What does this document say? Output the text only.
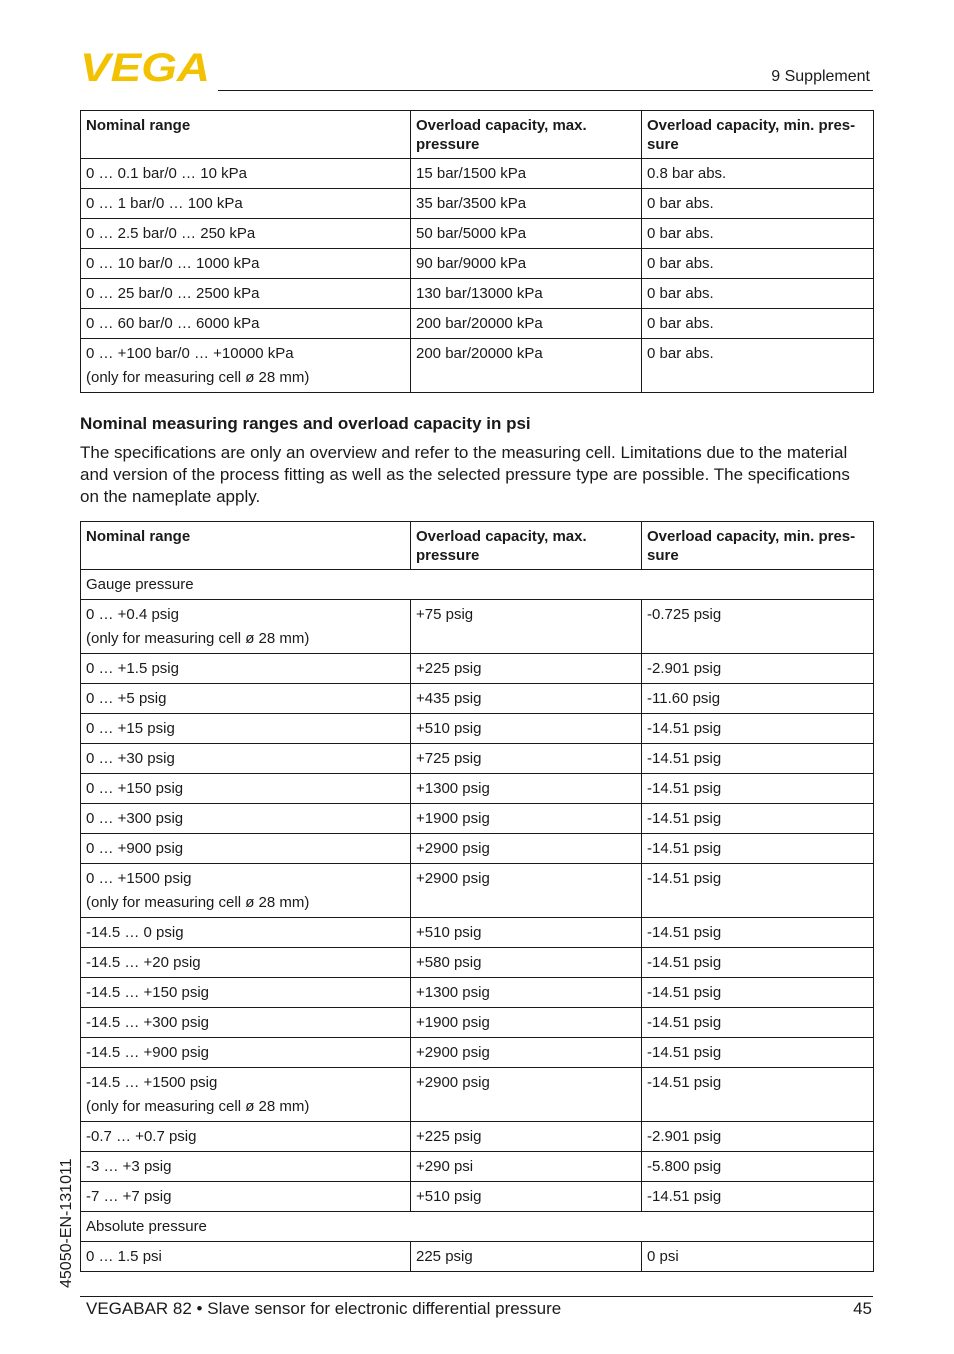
VEGA	9 Supplement
Nominal range	Overload capacity, max. pressure	Overload capacity, min. pres-sure
0 … 0.1 bar/0 … 10 kPa	15 bar/1500 kPa	0.8 bar abs.
0 … 1 bar/0 … 100 kPa	35 bar/3500 kPa	0 bar abs.
0 … 2.5 bar/0 … 250 kPa	50 bar/5000 kPa	0 bar abs.
0 … 10 bar/0 … 1000 kPa	90 bar/9000 kPa	0 bar abs.
0 … 25 bar/0 … 2500 kPa	130 bar/13000 kPa	0 bar abs.
0 … 60 bar/0 … 6000 kPa	200 bar/20000 kPa	0 bar abs.
0 … +100 bar/0 … +10000 kPa
(only for measuring cell ø 28 mm)	200 bar/20000 kPa	0 bar abs.
Nominal measuring ranges and overload capacity in psi
The specifications are only an overview and refer to the measuring cell. Limitations due to the material and version of the process fitting as well as the selected pressure type are possible. The specifications on the nameplate apply.
Nominal range	Overload capacity, max. pressure	Overload capacity, min. pres-sure
Gauge pressure		
0 … +0.4 psig
(only for measuring cell ø 28 mm)	+75 psig	-0.725 psig
0 … +1.5 psig	+225 psig	-2.901 psig
0 … +5 psig	+435 psig	-11.60 psig
0 … +15 psig	+510 psig	-14.51 psig
0 … +30 psig	+725 psig	-14.51 psig
0 … +150 psig	+1300 psig	-14.51 psig
0 … +300 psig	+1900 psig	-14.51 psig
0 … +900 psig	+2900 psig	-14.51 psig
0 … +1500 psig
(only for measuring cell ø 28 mm)	+2900 psig	-14.51 psig
-14.5 … 0 psig	+510 psig	-14.51 psig
-14.5 … +20 psig	+580 psig	-14.51 psig
-14.5 … +150 psig	+1300 psig	-14.51 psig
-14.5 … +300 psig	+1900 psig	-14.51 psig
-14.5 … +900 psig	+2900 psig	-14.51 psig
-14.5 … +1500 psig
(only for measuring cell ø 28 mm)	+2900 psig	-14.51 psig
-0.7 … +0.7 psig	+225 psig	-2.901 psig
-3 … +3 psig	+290 psi	-5.800 psig
-7 … +7 psig	+510 psig	-14.51 psig
Absolute pressure		
0 … 1.5 psi	225 psig	0 psi
VEGABAR 82 • Slave sensor for electronic differential pressure	45
45050-EN-131011
